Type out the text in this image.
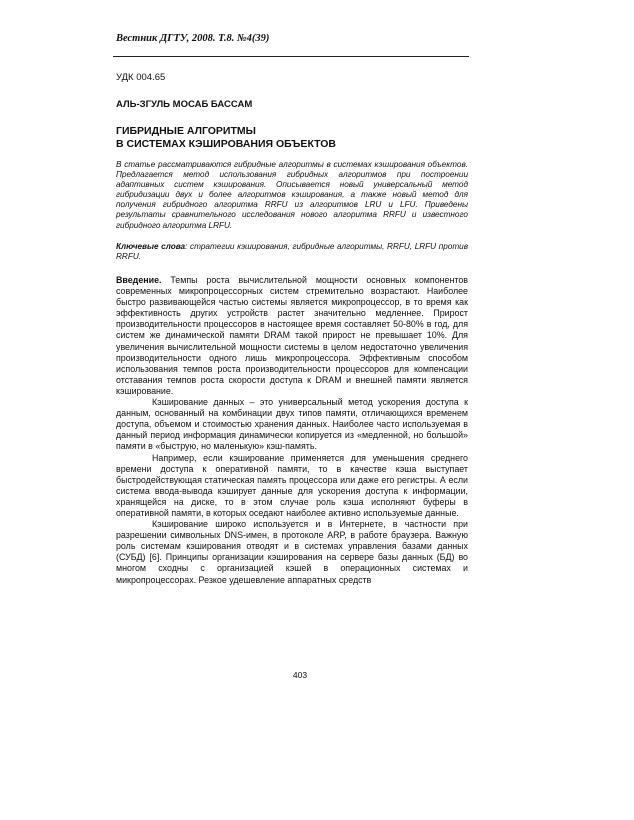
Вестник ДГТУ, 2008. Т.8. №4(39)
УДК 004.65
АЛЬ-ЗГУЛЬ МОСАБ БАССАМ
ГИБРИДНЫЕ АЛГОРИТМЫ
В СИСТЕМАХ КЭШИРОВАНИЯ ОБЪЕКТОВ
В статье рассматриваются гибридные алгоритмы в системах кэширования объектов. Предлагается метод использования гибридных алгоритмов при построении адаптивных систем кэширования. Описывается новый универсальный метод гибридизации двух и более алгоритмов кэширования, а также новый метод для получения гибридного алгоритма RRFU из алгоритмов LRU и LFU. Приведены результаты сравнительного исследования нового алгоритма RRFU и известного гибридного алгоритма LRFU.
Ключевые слова: стратегии кэширования, гибридные алгоритмы, RRFU, LRFU против RRFU.

Введение. Темпы роста вычислительной мощности основных компонентов современных микропроцессорных систем стремительно возрастают. Наиболее быстро развивающейся частью системы является микропроцессор, в то время как эффективность других устройств растет значительно медленнее. Прирост производительности процессоров в настоящее время составляет 50-80% в год, для систем же динамической памяти DRAM такой прирост не превышает 10%. Для увеличения вычислительной мощности системы в целом недостаточно увеличения производительности одного лишь микропроцессора. Эффективным способом использования темпов роста производительности процессоров для компенсации отставания темпов роста скорости доступа к DRAM и внешней памяти является кэширование.

Кэширование данных – это универсальный метод ускорения доступа к данным, основанный на комбинации двух типов памяти, отличающихся временем доступа, объемом и стоимостью хранения данных. Наиболее часто используемая в данный период информация динамически копируется из «медленной, но большой» памяти в «быструю, но маленькую» кэш-память.

Например, если кэширование применяется для уменьшения среднего времени доступа к оперативной памяти, то в качестве кэша выступает быстродействующая статическая память процессора или даже его регистры. А если система ввода-вывода кэширует данные для ускорения доступа к информации, хранящейся на диске, то в этом случае роль кэша исполняют буферы в оперативной памяти, в которых оседают наиболее активно используемые данные.

Кэширование широко используется и в Интернете, в частности при разрешении символьных DNS-имен, в протоколе ARP, в работе браузера. Важную роль системам кэширования отводят и в системах управления базами данных (СУБД) [6]. Принципы организации кэширования на сервере базы данных (БД) во многом сходны с организацией кэшей в операционных системах и микропроцессорах. Резкое удешевление аппаратных средств

403
